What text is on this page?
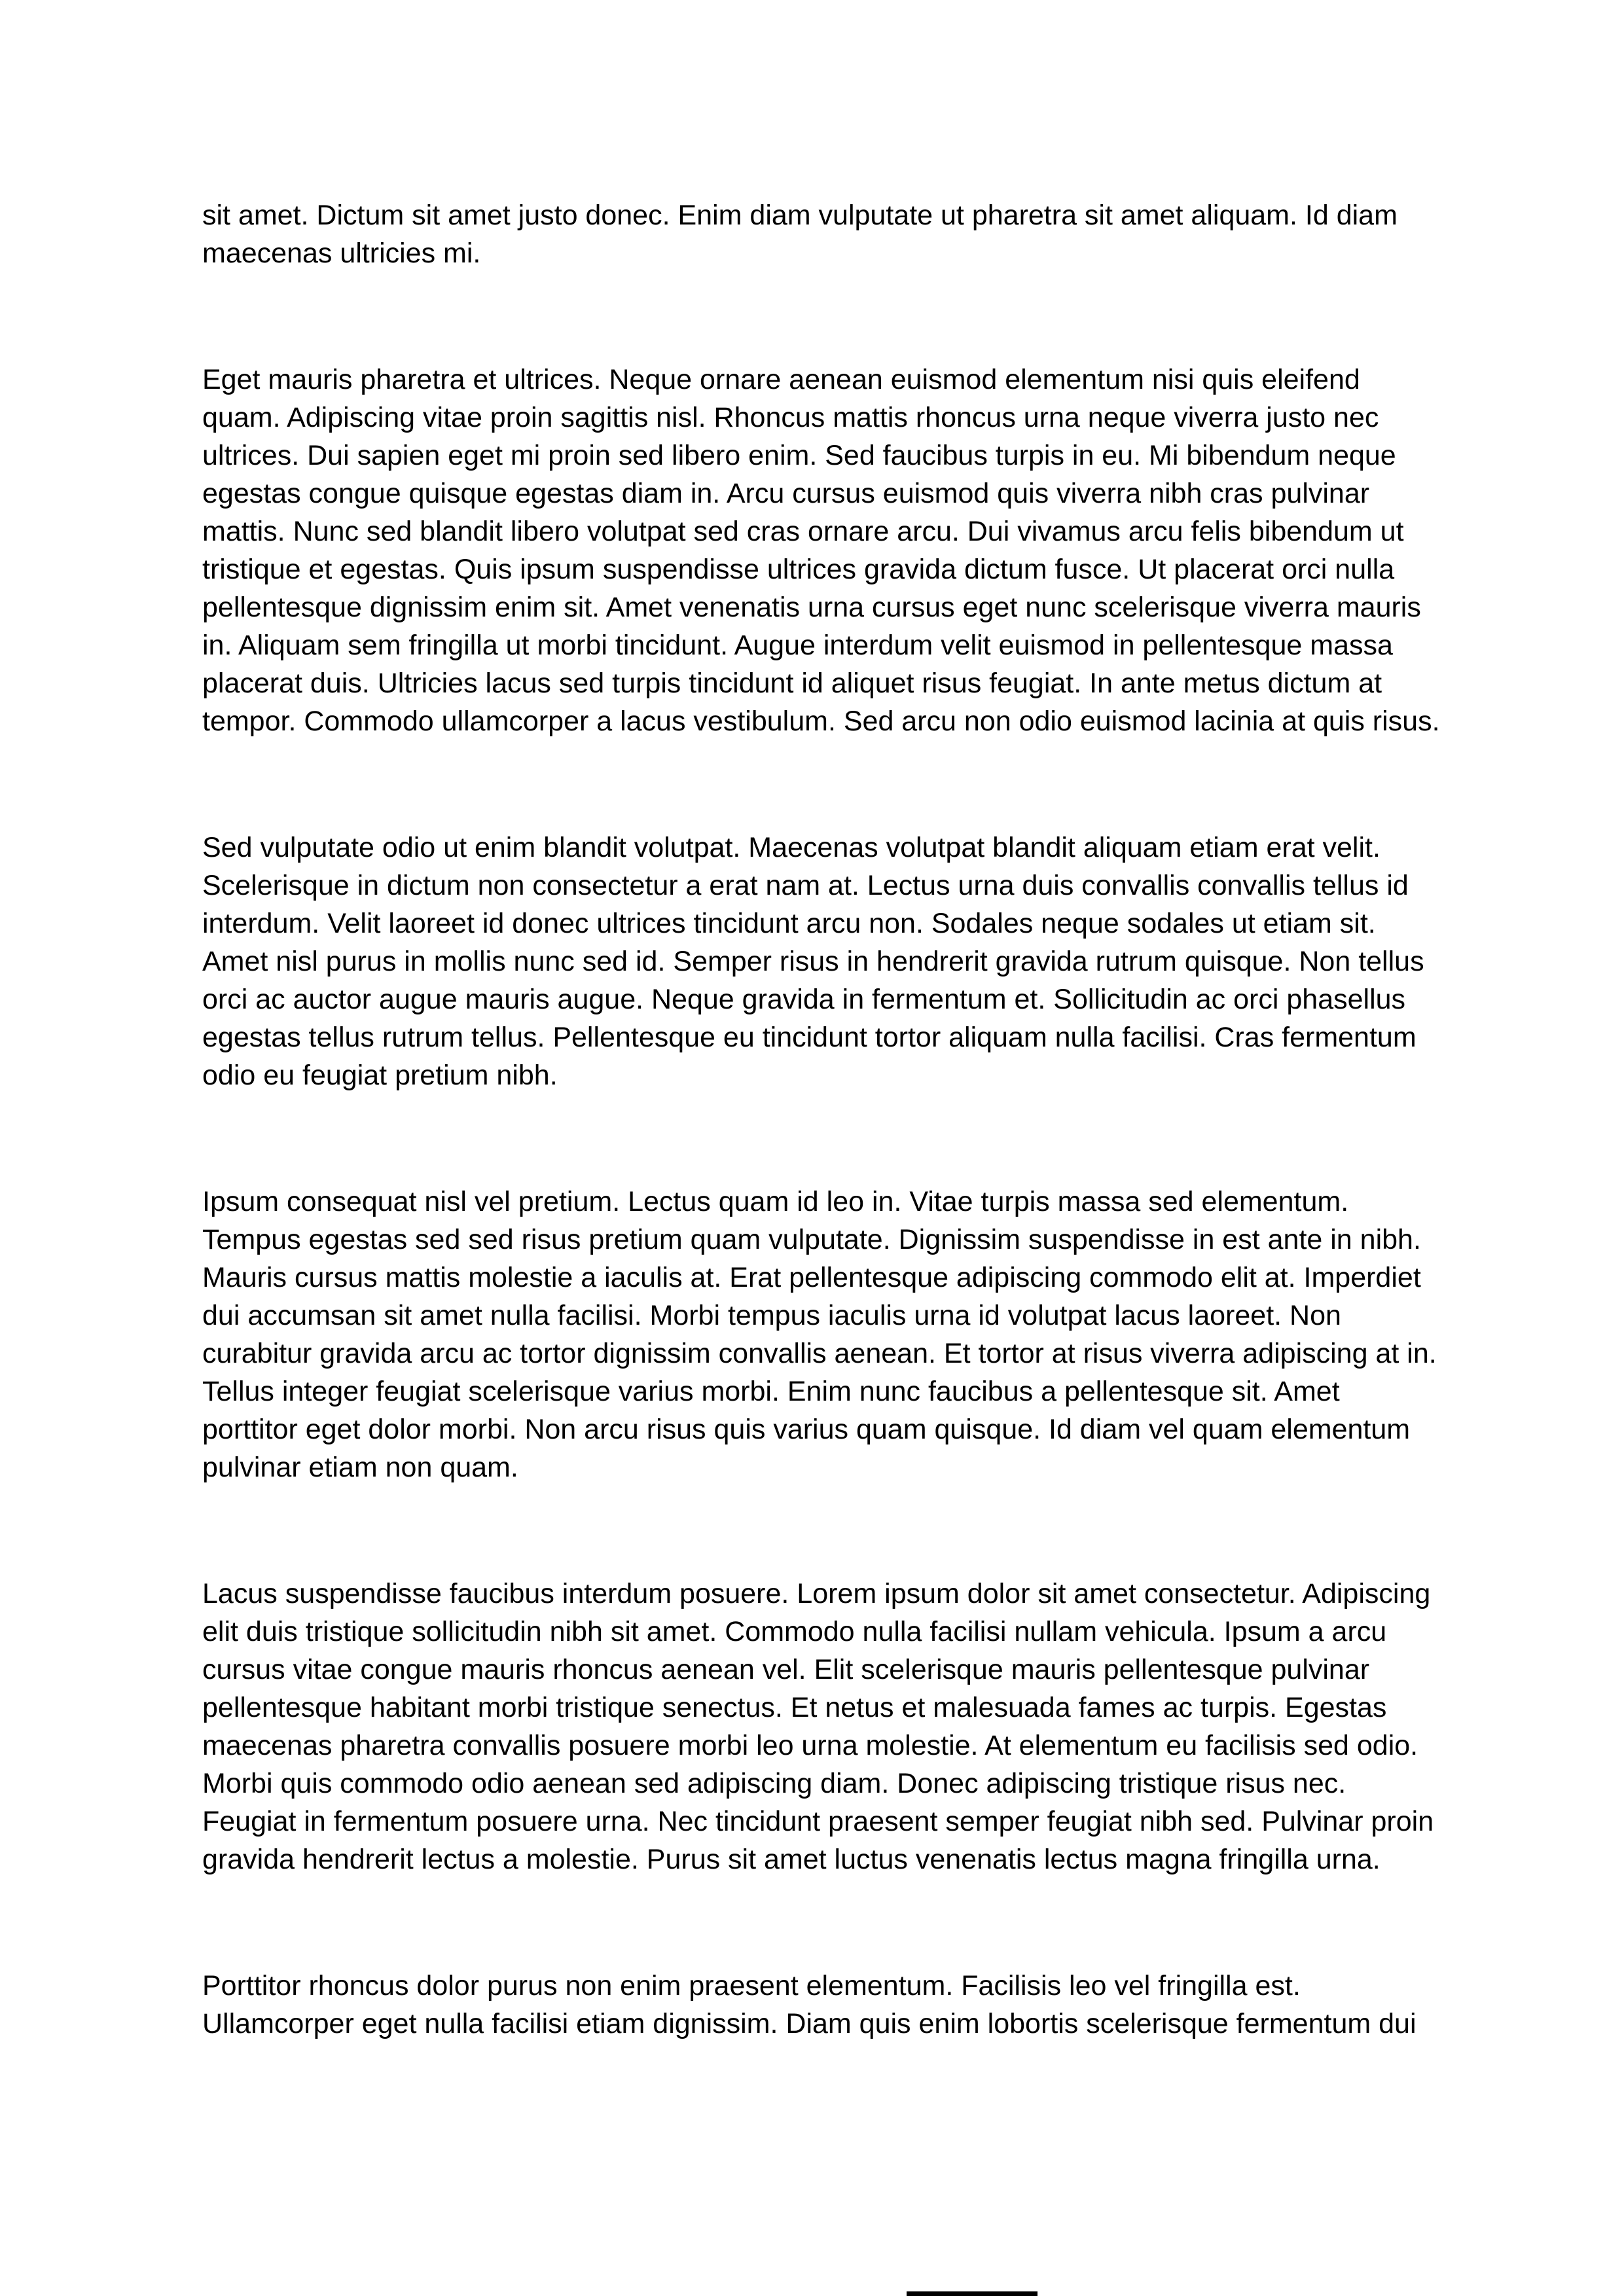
sit amet. Dictum sit amet justo donec. Enim diam vulputate ut pharetra sit amet aliquam. Id diam maecenas ultricies mi.

Eget mauris pharetra et ultrices. Neque ornare aenean euismod elementum nisi quis eleifend quam. Adipiscing vitae proin sagittis nisl. Rhoncus mattis rhoncus urna neque viverra justo nec ultrices. Dui sapien eget mi proin sed libero enim. Sed faucibus turpis in eu. Mi bibendum neque egestas congue quisque egestas diam in. Arcu cursus euismod quis viverra nibh cras pulvinar mattis. Nunc sed blandit libero volutpat sed cras ornare arcu. Dui vivamus arcu felis bibendum ut tristique et egestas. Quis ipsum suspendisse ultrices gravida dictum fusce. Ut placerat orci nulla pellentesque dignissim enim sit. Amet venenatis urna cursus eget nunc scelerisque viverra mauris in. Aliquam sem fringilla ut morbi tincidunt. Augue interdum velit euismod in pellentesque massa placerat duis. Ultricies lacus sed turpis tincidunt id aliquet risus feugiat. In ante metus dictum at tempor. Commodo ullamcorper a lacus vestibulum. Sed arcu non odio euismod lacinia at quis risus.

Sed vulputate odio ut enim blandit volutpat. Maecenas volutpat blandit aliquam etiam erat velit. Scelerisque in dictum non consectetur a erat nam at. Lectus urna duis convallis convallis tellus id interdum. Velit laoreet id donec ultrices tincidunt arcu non. Sodales neque sodales ut etiam sit. Amet nisl purus in mollis nunc sed id. Semper risus in hendrerit gravida rutrum quisque. Non tellus orci ac auctor augue mauris augue. Neque gravida in fermentum et. Sollicitudin ac orci phasellus egestas tellus rutrum tellus. Pellentesque eu tincidunt tortor aliquam nulla facilisi. Cras fermentum odio eu feugiat pretium nibh.

Ipsum consequat nisl vel pretium. Lectus quam id leo in. Vitae turpis massa sed elementum. Tempus egestas sed sed risus pretium quam vulputate. Dignissim suspendisse in est ante in nibh. Mauris cursus mattis molestie a iaculis at. Erat pellentesque adipiscing commodo elit at. Imperdiet dui accumsan sit amet nulla facilisi. Morbi tempus iaculis urna id volutpat lacus laoreet. Non curabitur gravida arcu ac tortor dignissim convallis aenean. Et tortor at risus viverra adipiscing at in. Tellus integer feugiat scelerisque varius morbi. Enim nunc faucibus a pellentesque sit. Amet porttitor eget dolor morbi. Non arcu risus quis varius quam quisque. Id diam vel quam elementum pulvinar etiam non quam.

Lacus suspendisse faucibus interdum posuere. Lorem ipsum dolor sit amet consectetur. Adipiscing elit duis tristique sollicitudin nibh sit amet. Commodo nulla facilisi nullam vehicula. Ipsum a arcu cursus vitae congue mauris rhoncus aenean vel. Elit scelerisque mauris pellentesque pulvinar pellentesque habitant morbi tristique senectus. Et netus et malesuada fames ac turpis. Egestas maecenas pharetra convallis posuere morbi leo urna molestie. At elementum eu facilisis sed odio. Morbi quis commodo odio aenean sed adipiscing diam. Donec adipiscing tristique risus nec. Feugiat in fermentum posuere urna. Nec tincidunt praesent semper feugiat nibh sed. Pulvinar proin gravida hendrerit lectus a molestie. Purus sit amet luctus venenatis lectus magna fringilla urna.

Porttitor rhoncus dolor purus non enim praesent elementum. Facilisis leo vel fringilla est. Ullamcorper eget nulla facilisi etiam dignissim. Diam quis enim lobortis scelerisque fermentum dui
